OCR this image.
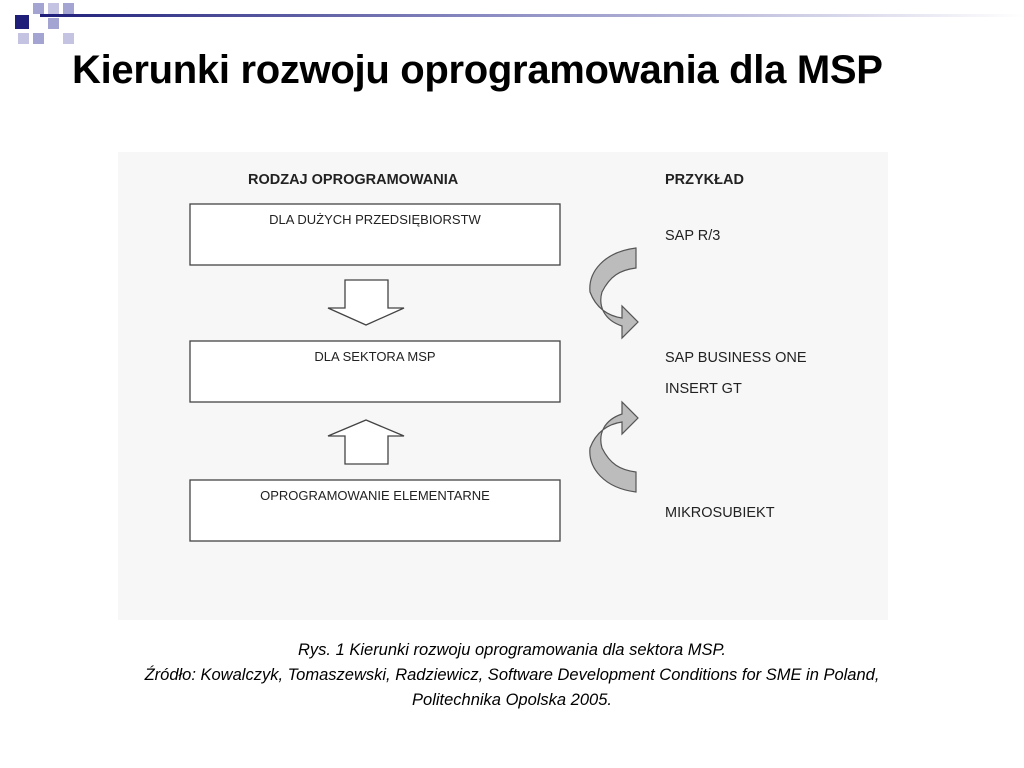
Kierunki rozwoju oprogramowania dla MSP
RODZAJ OPROGRAMOWANIA	PRZYKŁAD
DLA DUŻYCH PRZEDSIĘBIORSTW
DLA SEKTORA MSP
OPROGRAMOWANIE ELEMENTARNE
SAP R/3
SAP BUSINESS ONE
INSERT GT
MIKROSUBIEKT
Rys. 1 Kierunki rozwoju oprogramowania dla sektora MSP.
Źródło: Kowalczyk, Tomaszewski, Radziewicz, Software Development Conditions for SME in Poland,
Politechnika Opolska 2005.
